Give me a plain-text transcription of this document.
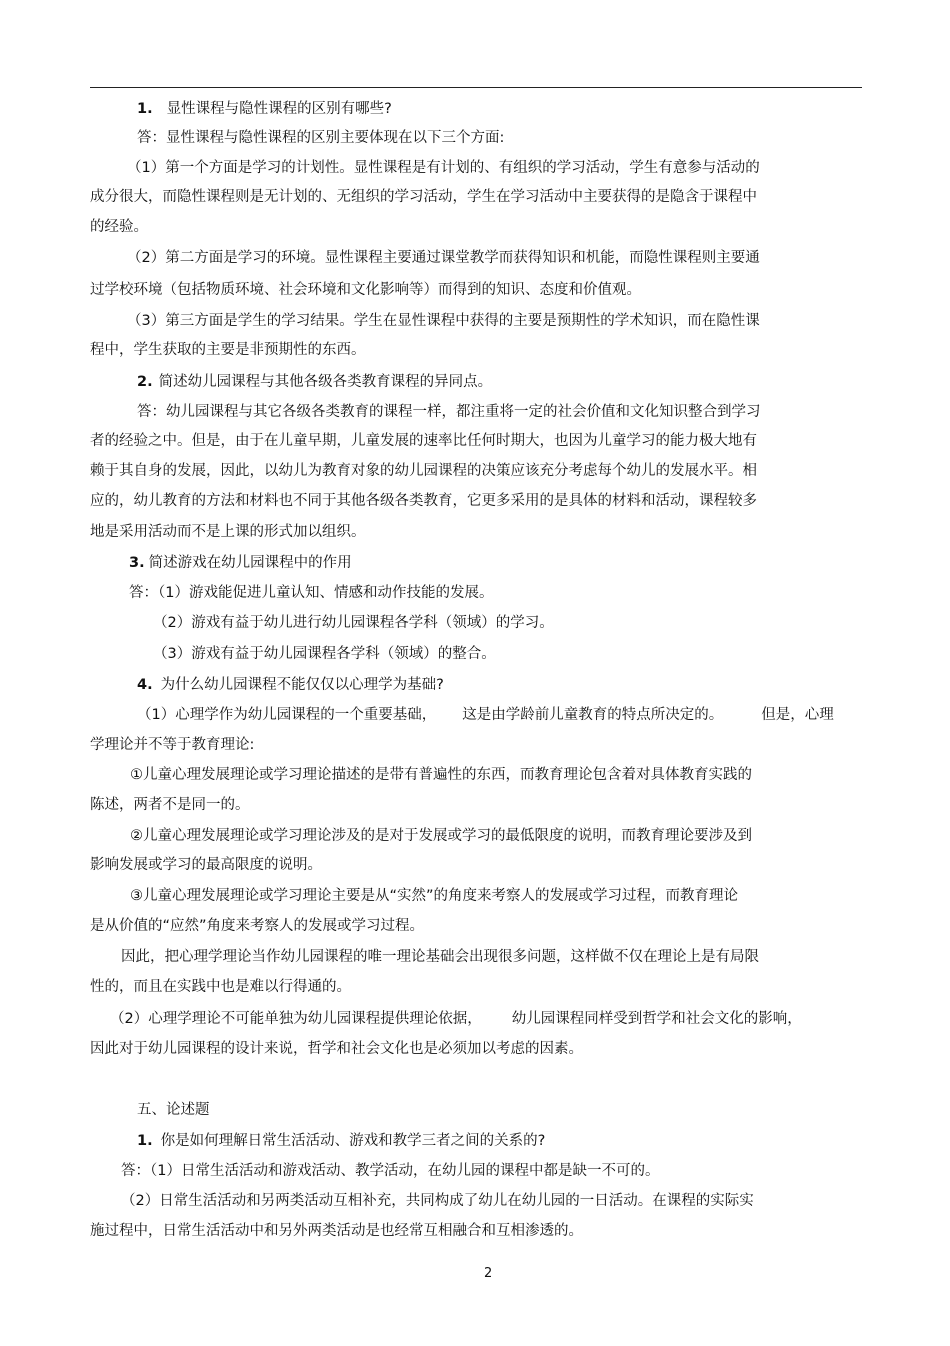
1. 显性课程与隐性课程的区别有哪些?
答：显性课程与隐性课程的区别主要体现在以下三个方面:
（1）第一个方面是学习的计划性。显性课程是有计划的、有组织的学习活动，学生有意参与活动的
成分很大，而隐性课程则是无计划的、无组织的学习活动，学生在学习活动中主要获得的是隐含于课程中
的经验。
（2）第二方面是学习的环境。显性课程主要通过课堂教学而获得知识和机能，而隐性课程则主要通
过学校环境（包括物质环境、社会环境和文化影响等）而得到的知识、态度和价值观。
（3）第三方面是学生的学习结果。学生在显性课程中获得的主要是预期性的学术知识，而在隐性课
程中，学生获取的主要是非预期性的东西。
2. 简述幼儿园课程与其他各级各类教育课程的异同点。
答：幼儿园课程与其它各级各类教育的课程一样，都注重将一定的社会价值和文化知识整合到学习
者的经验之中。但是，由于在儿童早期，儿童发展的速率比任何时期大，也因为儿童学习的能力极大地有
赖于其自身的发展，因此，以幼儿为教育对象的幼儿园课程的决策应该充分考虑每个幼儿的发展水平。相
应的，幼儿教育的方法和材料也不同于其他各级各类教育，它更多采用的是具体的材料和活动，课程较多
地是采用活动而不是上课的形式加以组织。
3. 简述游戏在幼儿园课程中的作用
答：（1）游戏能促进儿童认知、情感和动作技能的发展。
（2）游戏有益于幼儿进行幼儿园课程各学科（领域）的学习。
（3）游戏有益于幼儿园课程各学科（领域）的整合。
4. 为什么幼儿园课程不能仅仅以心理学为基础?
（1）心理学作为幼儿园课程的一个重要基础， 这是由学龄前儿童教育的特点所决定的。	但是，心理
学理论并不等于教育理论:
①儿童心理发展理论或学习理论描述的是带有普遍性的东西，而教育理论包含着对具体教育实践的
陈述，两者不是同一的。
②儿童心理发展理论或学习理论涉及的是对于发展或学习的最低限度的说明，而教育理论要涉及到
影响发展或学习的最高限度的说明。
③儿童心理发展理论或学习理论主要是从“实然”的角度来考察人的发展或学习过程，而教育理论
是从价值的“应然”角度来考察人的发展或学习过程。
因此，把心理学理论当作幼儿园课程的唯一理论基础会出现很多问题，这样做不仅在理论上是有局限
性的，而且在实践中也是难以行得通的。
（2）心理学理论不可能单独为幼儿园课程提供理论依据， 幼儿园课程同样受到哲学和社会文化的影响，
因此对于幼儿园课程的设计来说，哲学和社会文化也是必须加以考虑的因素。
五、论述题
1. 你是如何理解日常生活活动、游戏和教学三者之间的关系的?
答：（1）日常生活活动和游戏活动、教学活动，在幼儿园的课程中都是缺一不可的。
（2）日常生活活动和另两类活动互相补充，共同构成了幼儿在幼儿园的一日活动。在课程的实际实
施过程中，日常生活活动中和另外两类活动是也经常互相融合和互相渗透的。
2
